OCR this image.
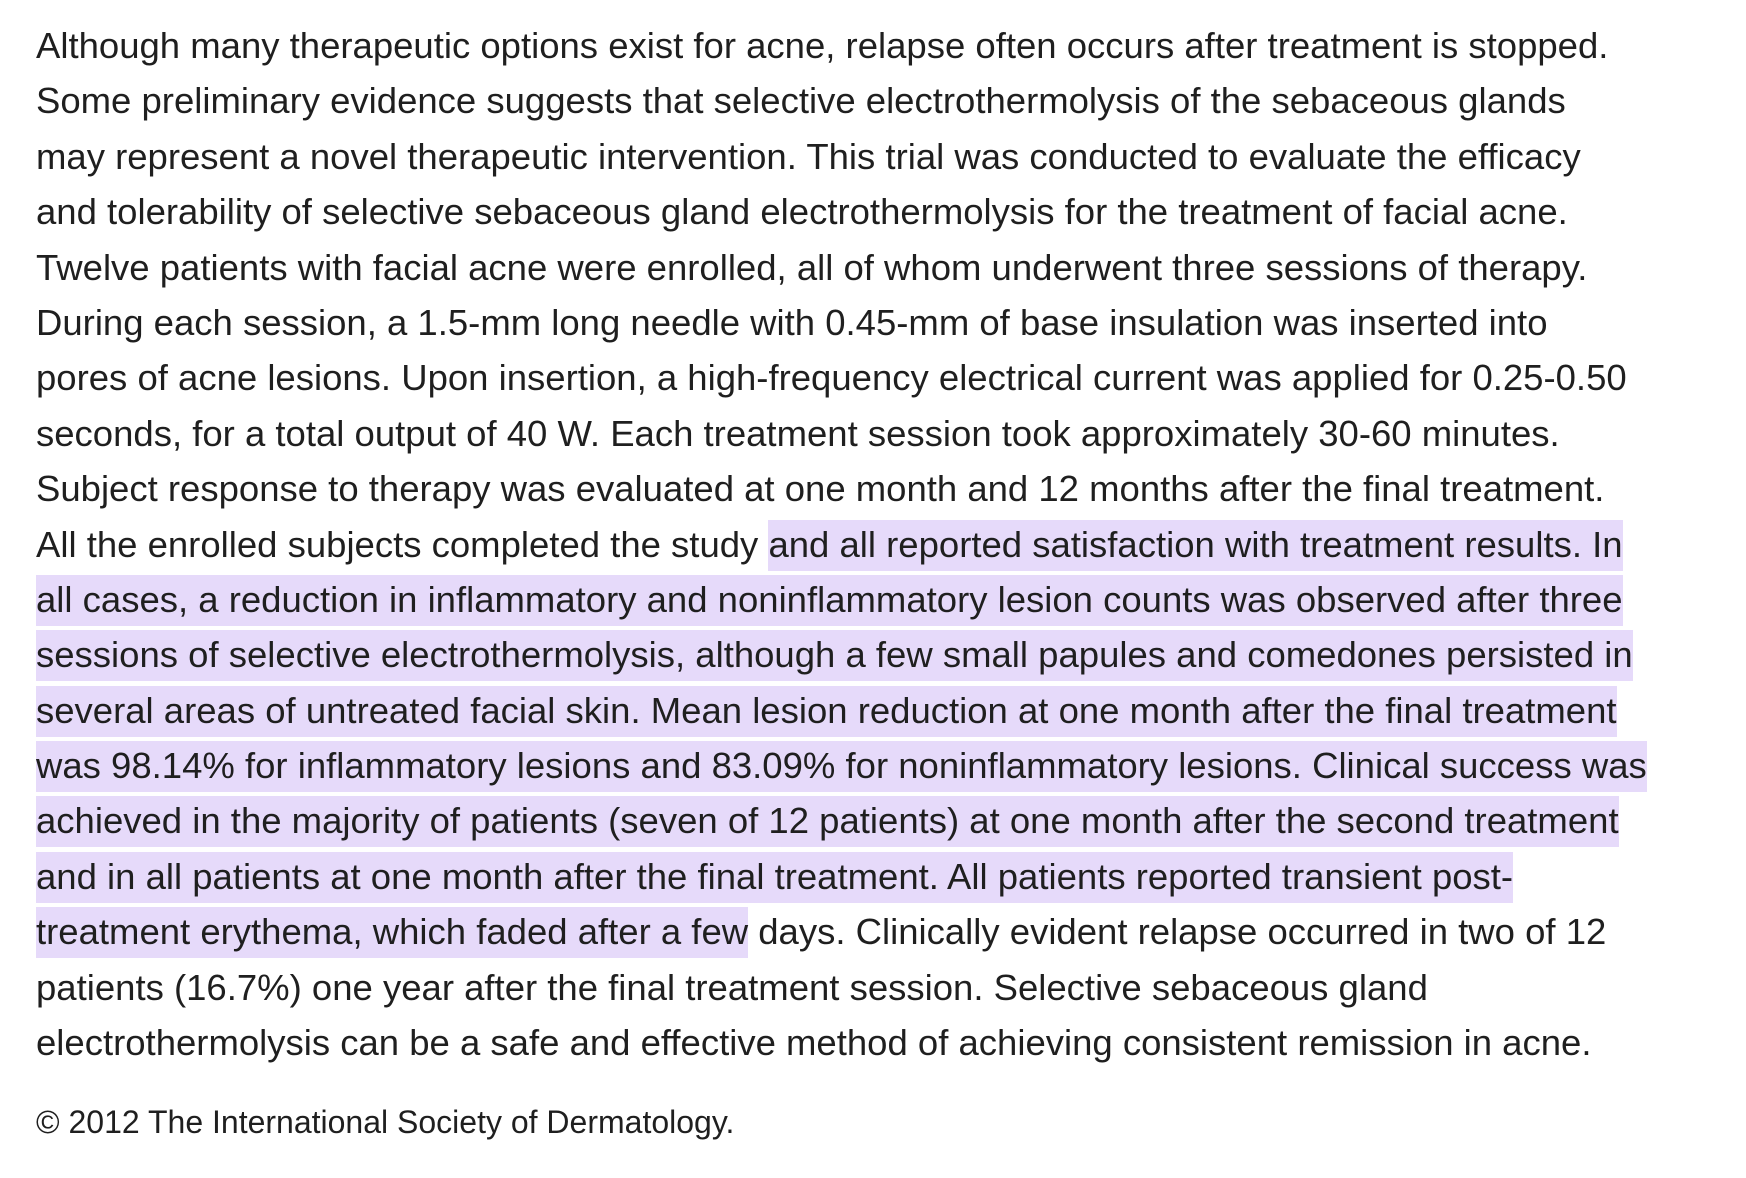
Although many therapeutic options exist for acne, relapse often occurs after treatment is stopped.
Some preliminary evidence suggests that selective electrothermolysis of the sebaceous glands
may represent a novel therapeutic intervention. This trial was conducted to evaluate the efficacy
and tolerability of selective sebaceous gland electrothermolysis for the treatment of facial acne.
Twelve patients with facial acne were enrolled, all of whom underwent three sessions of therapy.
During each session, a 1.5-mm long needle with 0.45-mm of base insulation was inserted into
pores of acne lesions. Upon insertion, a high-frequency electrical current was applied for 0.25-0.50
seconds, for a total output of 40 W. Each treatment session took approximately 30-60 minutes.
Subject response to therapy was evaluated at one month and 12 months after the final treatment.
All the enrolled subjects completed the study and all reported satisfaction with treatment results. In
all cases, a reduction in inflammatory and noninflammatory lesion counts was observed after three
sessions of selective electrothermolysis, although a few small papules and comedones persisted in
several areas of untreated facial skin. Mean lesion reduction at one month after the final treatment
was 98.14% for inflammatory lesions and 83.09% for noninflammatory lesions. Clinical success was
achieved in the majority of patients (seven of 12 patients) at one month after the second treatment
and in all patients at one month after the final treatment. All patients reported transient post-
treatment erythema, which faded after a few days. Clinically evident relapse occurred in two of 12
patients (16.7%) one year after the final treatment session. Selective sebaceous gland
electrothermolysis can be a safe and effective method of achieving consistent remission in acne.
© 2012 The International Society of Dermatology.
